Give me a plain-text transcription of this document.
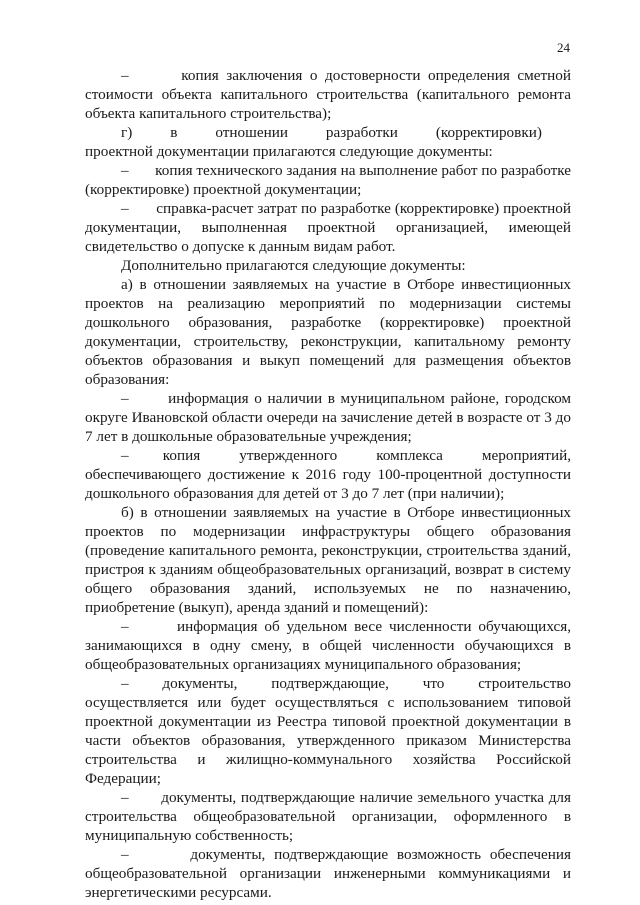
24

–       копия заключения о достоверности определения сметной стоимости объекта капитального строительства (капитального ремонта объекта капитального строительства);

г)      в      отношении      разработки      (корректировки)      проектной документации прилагаются следующие документы:

–       копия технического задания на выполнение работ по разработке (корректировке) проектной документации;

–       справка-расчет затрат по разработке (корректировке) проектной документации, выполненная проектной организацией, имеющей свидетельство о допуске к данным видам работ.

Дополнительно прилагаются следующие документы:

а) в отношении заявляемых на участие в Отборе инвестиционных проектов на реализацию мероприятий по модернизации системы дошкольного образования, разработке (корректировке) проектной документации, строительству, реконструкции, капитальному ремонту объектов образования и выкуп помещений для размещения объектов образования:

–       информация о наличии в муниципальном районе, городском округе Ивановской области очереди на зачисление детей в возрасте от 3 до 7 лет в дошкольные образовательные учреждения;

–       копия        утвержденного        комплекса        мероприятий, обеспечивающего достижение к 2016 году 100-процентной доступности дошкольного образования для детей от 3 до 7 лет (при наличии);

б) в отношении заявляемых на участие в Отборе инвестиционных проектов по модернизации инфраструктуры общего образования (проведение капитального ремонта, реконструкции, строительства зданий, пристроя к зданиям общеобразовательных организаций, возврат в систему общего образования зданий, используемых не по назначению, приобретение (выкуп), аренда зданий и помещений):

–       информация об удельном весе численности обучающихся, занимающихся в одну смену, в общей численности обучающихся в общеобразовательных организациях муниципального образования;

–       документы,       подтверждающие,       что       строительство осуществляется или будет осуществляться с использованием типовой проектной документации из Реестра типовой проектной документации в части объектов образования, утвержденного приказом Министерства строительства и жилищно-коммунального хозяйства Российской Федерации;

–       документы, подтверждающие наличие земельного участка для строительства общеобразовательной организации, оформленного в муниципальную собственность;

–       документы, подтверждающие возможность обеспечения общеобразовательной организации инженерными коммуникациями и энергетическими ресурсами.
